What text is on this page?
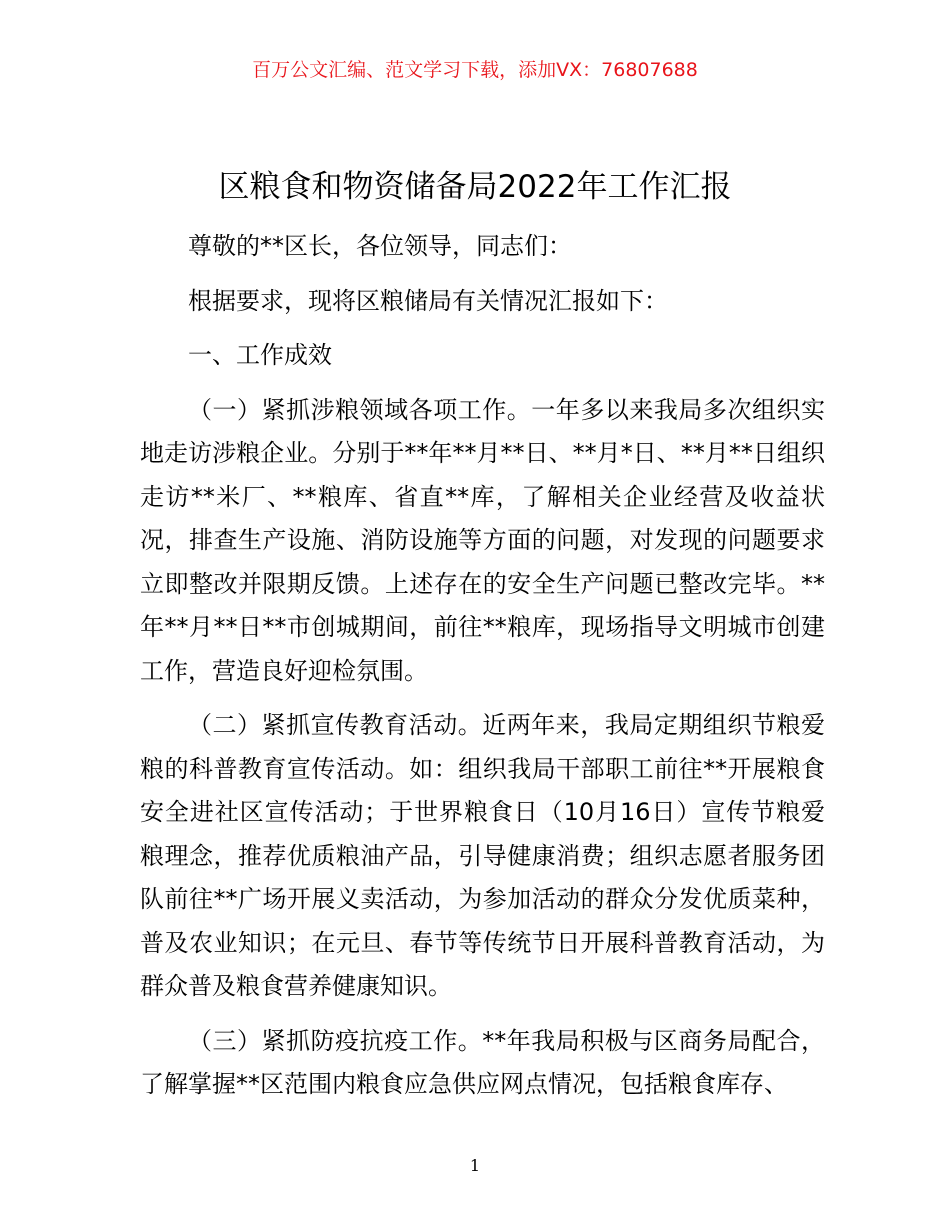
百万公文汇编、范文学习下载，添加VX：76807688
区粮食和物资储备局2022年工作汇报

尊敬的**区长，各位领导，同志们：

根据要求，现将区粮储局有关情况汇报如下：

一、工作成效

（一）紧抓涉粮领域各项工作。一年多以来我局多次组织实地走访涉粮企业。分别于**年**月**日、**月*日、**月**日组织走访**米厂、**粮库、省直**库，了解相关企业经营及收益状况，排查生产设施、消防设施等方面的问题，对发现的问题要求立即整改并限期反馈。上述存在的安全生产问题已整改完毕。**年**月**日**市创城期间，前往**粮库，现场指导文明城市创建工作，营造良好迎检氛围。

（二）紧抓宣传教育活动。近两年来，我局定期组织节粮爱粮的科普教育宣传活动。如：组织我局干部职工前往**开展粮食安全进社区宣传活动；于世界粮食日（10月16日）宣传节粮爱粮理念，推荐优质粮油产品，引导健康消费；组织志愿者服务团队前往**广场开展义卖活动，为参加活动的群众分发优质菜种，普及农业知识；在元旦、春节等传统节日开展科普教育活动，为群众普及粮食营养健康知识。

（三）紧抓防疫抗疫工作。**年我局积极与区商务局配合，了解掌握**区范围内粮食应急供应网点情况，包括粮食库存、

1
